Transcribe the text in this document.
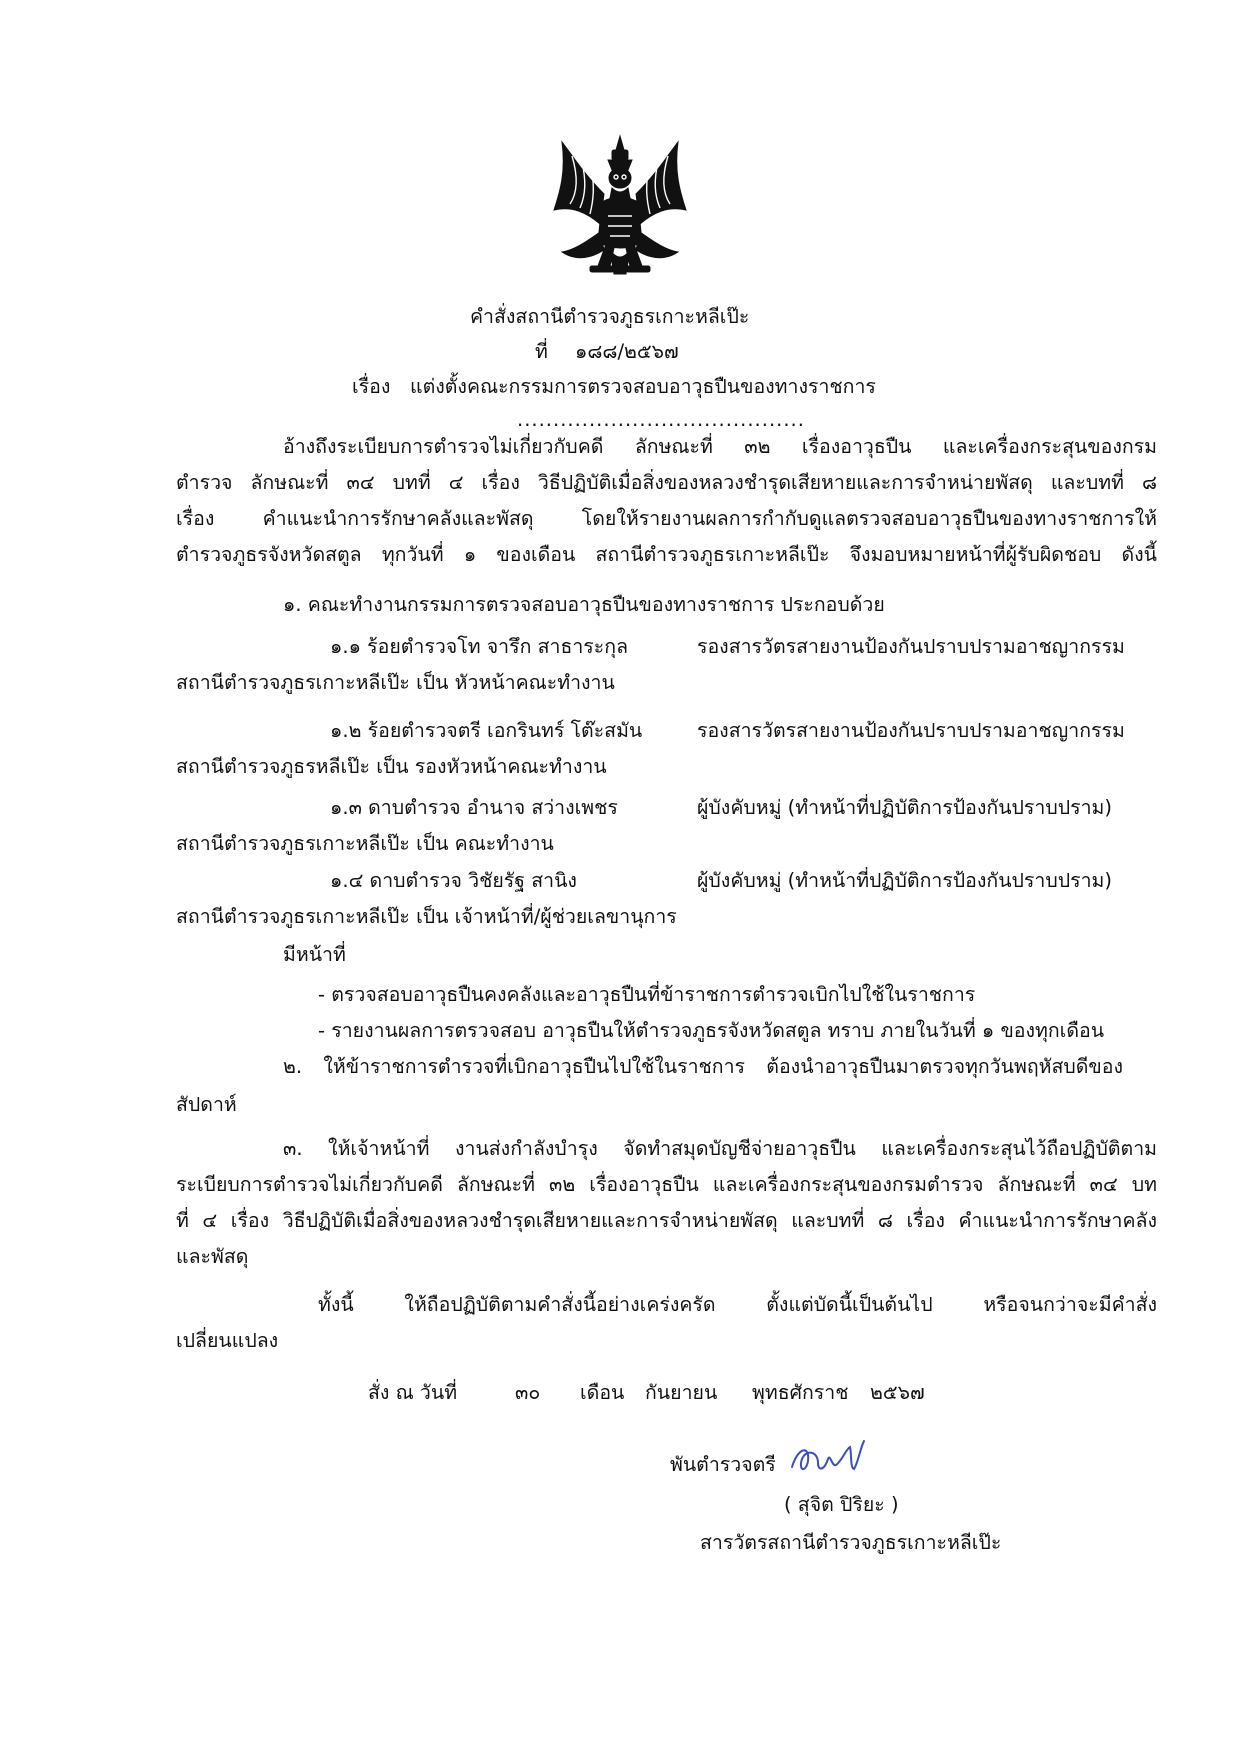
คำสั่งสถานีตำรวจภูธรเกาะหลีเป๊ะ
ที่ ๑๘๘/๒๕๖๗
เรื่อง แต่งตั้งคณะกรรมการตรวจสอบอาวุธปืนของทางราชการ
........................................
อ้างถึงระเบียบการตำรวจไม่เกี่ยวกับคดี ลักษณะที่ ๓๒ เรื่องอาวุธปืน และเครื่องกระสุนของกรม
ตำรวจ ลักษณะที่ ๓๔ บทที่ ๔ เรื่อง วิธีปฏิบัติเมื่อสิ่งของหลวงชำรุดเสียหายและการจำหน่ายพัสดุ และบทที่ ๘
เรื่อง คำแนะนำการรักษาคลังและพัสดุ โดยให้รายงานผลการกำกับดูแลตรวจสอบอาวุธปืนของทางราชการให้
ตำรวจภูธรจังหวัดสตูล ทุกวันที่ ๑ ของเดือน สถานีตำรวจภูธรเกาะหลีเป๊ะ จึงมอบหมายหน้าที่ผู้รับผิดชอบ ดังนี้
๑. คณะทำงานกรรมการตรวจสอบอาวุธปืนของทางราชการ ประกอบด้วย
๑.๑ ร้อยตำรวจโท จารึก สาธาระกุล	รองสารวัตรสายงานป้องกันปราบปรามอาชญากรรม
สถานีตำรวจภูธรเกาะหลีเป๊ะ เป็น หัวหน้าคณะทำงาน
๑.๒ ร้อยตำรวจตรี เอกรินทร์ โต๊ะสมัน	รองสารวัตรสายงานป้องกันปราบปรามอาชญากรรม
สถานีตำรวจภูธรหลีเป๊ะ เป็น รองหัวหน้าคณะทำงาน
๑.๓ ดาบตำรวจ อำนาจ สว่างเพชร	ผู้บังคับหมู่ (ทำหน้าที่ปฏิบัติการป้องกันปราบปราม)
สถานีตำรวจภูธรเกาะหลีเป๊ะ เป็น คณะทำงาน
๑.๔ ดาบตำรวจ วิชัยรัฐ สานิง	ผู้บังคับหมู่ (ทำหน้าที่ปฏิบัติการป้องกันปราบปราม)
สถานีตำรวจภูธรเกาะหลีเป๊ะ เป็น เจ้าหน้าที่/ผู้ช่วยเลขานุการ
มีหน้าที่
- ตรวจสอบอาวุธปืนคงคลังและอาวุธปืนที่ข้าราชการตำรวจเบิกไปใช้ในราชการ
- รายงานผลการตรวจสอบ อาวุธปืนให้ตำรวจภูธรจังหวัดสตูล ทราบ ภายในวันที่ ๑ ของทุกเดือน
๒. ให้ข้าราชการตำรวจที่เบิกอาวุธปืนไปใช้ในราชการ ต้องนำอาวุธปืนมาตรวจทุกวันพฤหัสบดีของ
สัปดาห์
๓. ให้เจ้าหน้าที่ งานส่งกำลังบำรุง จัดทำสมุดบัญชีจ่ายอาวุธปืน และเครื่องกระสุนไว้ถือปฏิบัติตาม
ระเบียบการตำรวจไม่เกี่ยวกับคดี ลักษณะที่ ๓๒ เรื่องอาวุธปืน และเครื่องกระสุนของกรมตำรวจ ลักษณะที่ ๓๔ บท
ที่ ๔ เรื่อง วิธีปฏิบัติเมื่อสิ่งของหลวงชำรุดเสียหายและการจำหน่ายพัสดุ และบทที่ ๘ เรื่อง คำแนะนำการรักษาคลัง
และพัสดุ
ทั้งนี้ ให้ถือปฏิบัติตามคำสั่งนี้อย่างเคร่งครัด ตั้งแต่บัดนี้เป็นต้นไป หรือจนกว่าจะมีคำสั่ง
เปลี่ยนแปลง
สั่ง ณ วันที่	๓๐ เดือน กันยายน พุทธศักราช ๒๕๖๗
พันตำรวจตรี
( สุจิต ปิริยะ )
สารวัตรสถานีตำรวจภูธรเกาะหลีเป๊ะ
